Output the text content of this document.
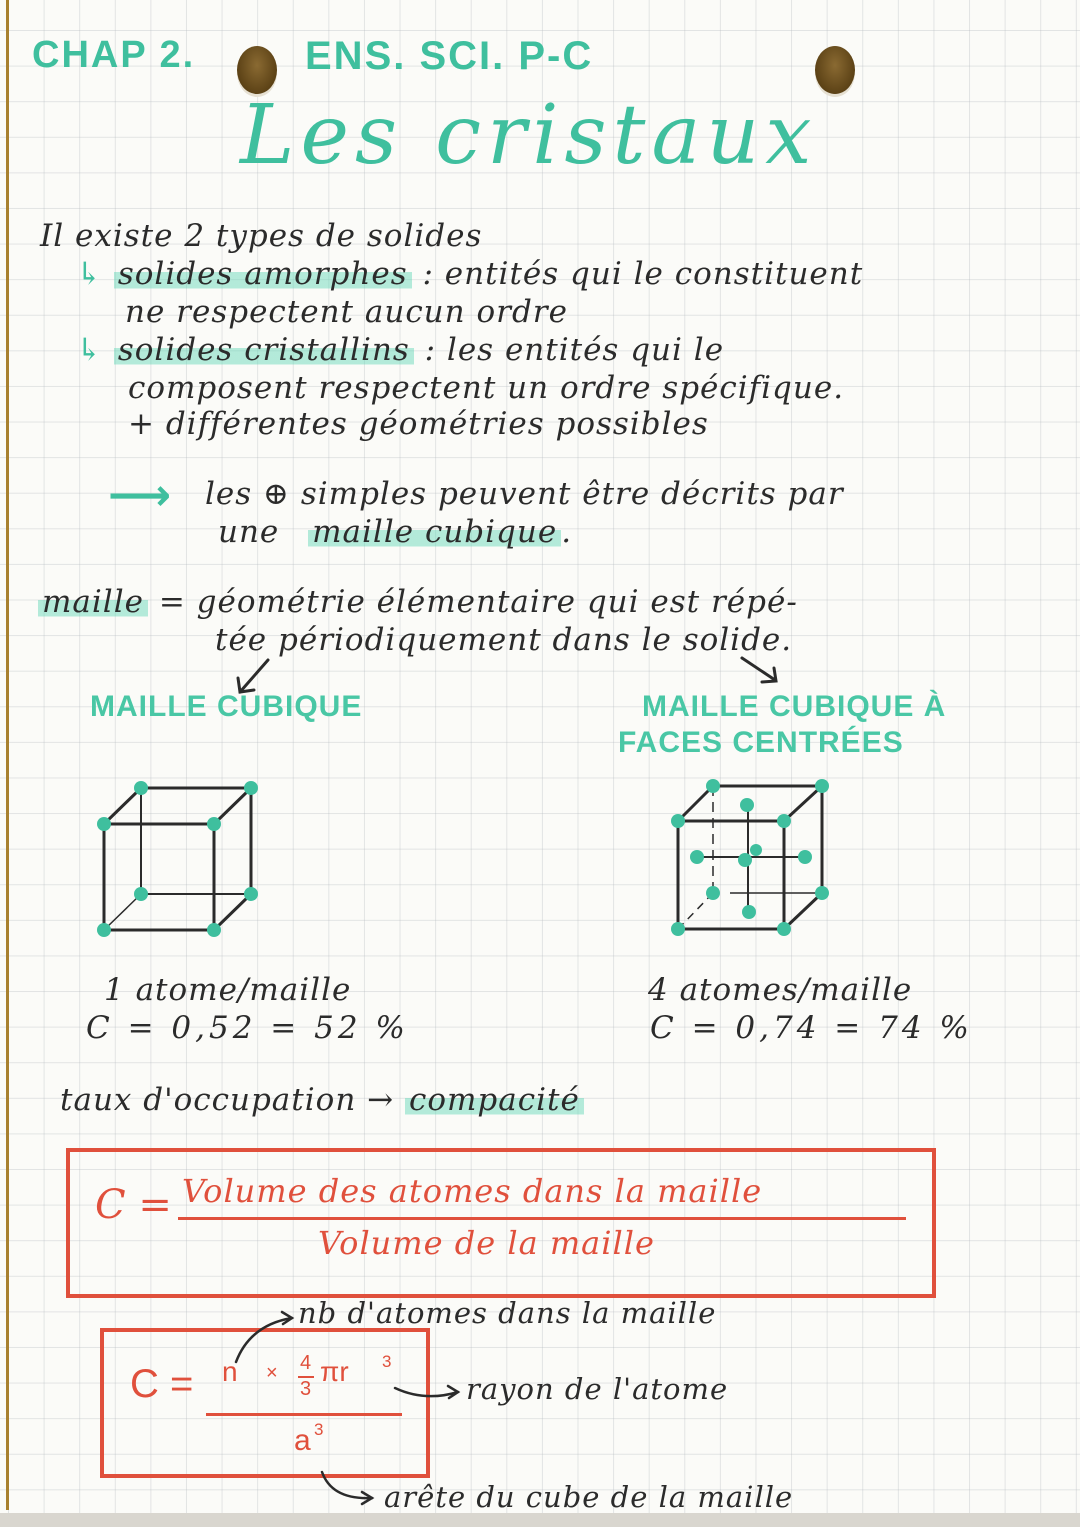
CHAP 2.	ENS. SCI. P-C
Les cristaux
Il existe 2 types de solides
↳ solides amorphes : entités qui le constituent
ne respectent aucun ordre
↳ solides cristallins : les entités qui le
composent respectent un ordre spécifique.
+ différentes géométries possibles
⟶ les ⊕ simples peuvent être décrits par
une maille cubique .
maille = géométrie élémentaire qui est répé-
tée périodiquement dans le solide.
MAILLE CUBIQUE	MAILLE CUBIQUE À
FACES CENTRÉES
1 atome/maille
C = 0,52 = 52 %
4 atomes/maille
C = 0,74 = 74 %
taux d'occupation → compacité
C = Volume des atomes dans la maille
Volume de la maille
C = n × 4
3
πr 3
a 3
nb d'atomes dans la maille
rayon de l'atome
arête du cube de la maille
